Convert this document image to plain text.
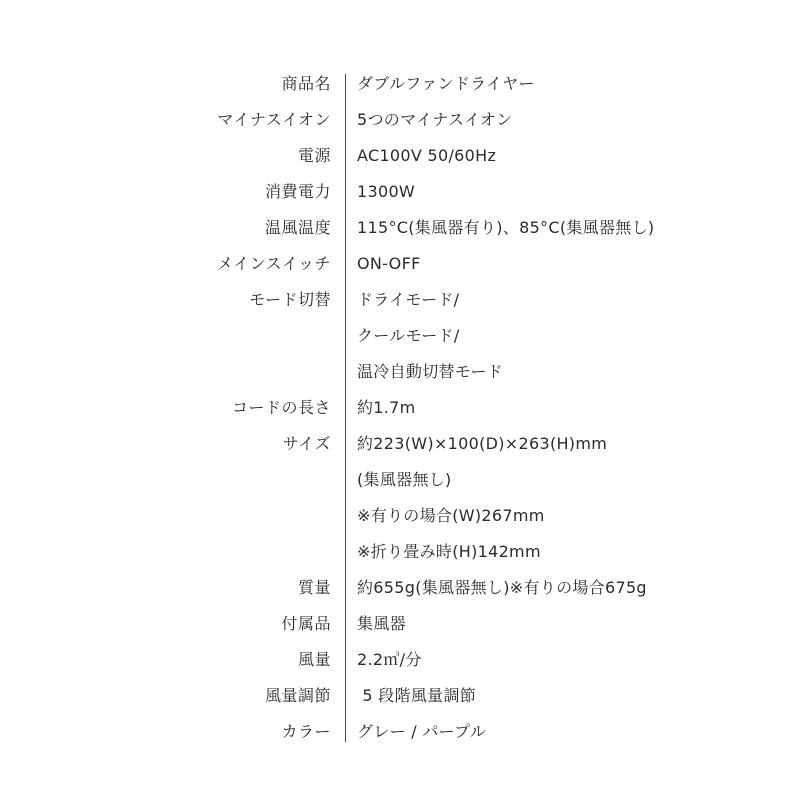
商品名 ダブルファンドライヤー
マイナスイオン 5つのマイナスイオン
電源 AC100V 50/60Hz
消費電力 1300W
温風温度 115°C(集風器有り)、85°C(集風器無し)
メインスイッチ ON-OFF
モード切替 ドライモード/
クールモード/
温冷自動切替モード
コードの長さ 約1.7m
サイズ 約223(W)×100(D)×263(H)mm
(集風器無し)
※有りの場合(W)267mm
※折り畳み時(H)142mm
質量 約655g(集風器無し)※有りの場合675g
付属品 集風器
風量 2.2㎥/分
風量調節 5 段階風量調節
カラー グレー / パープル
